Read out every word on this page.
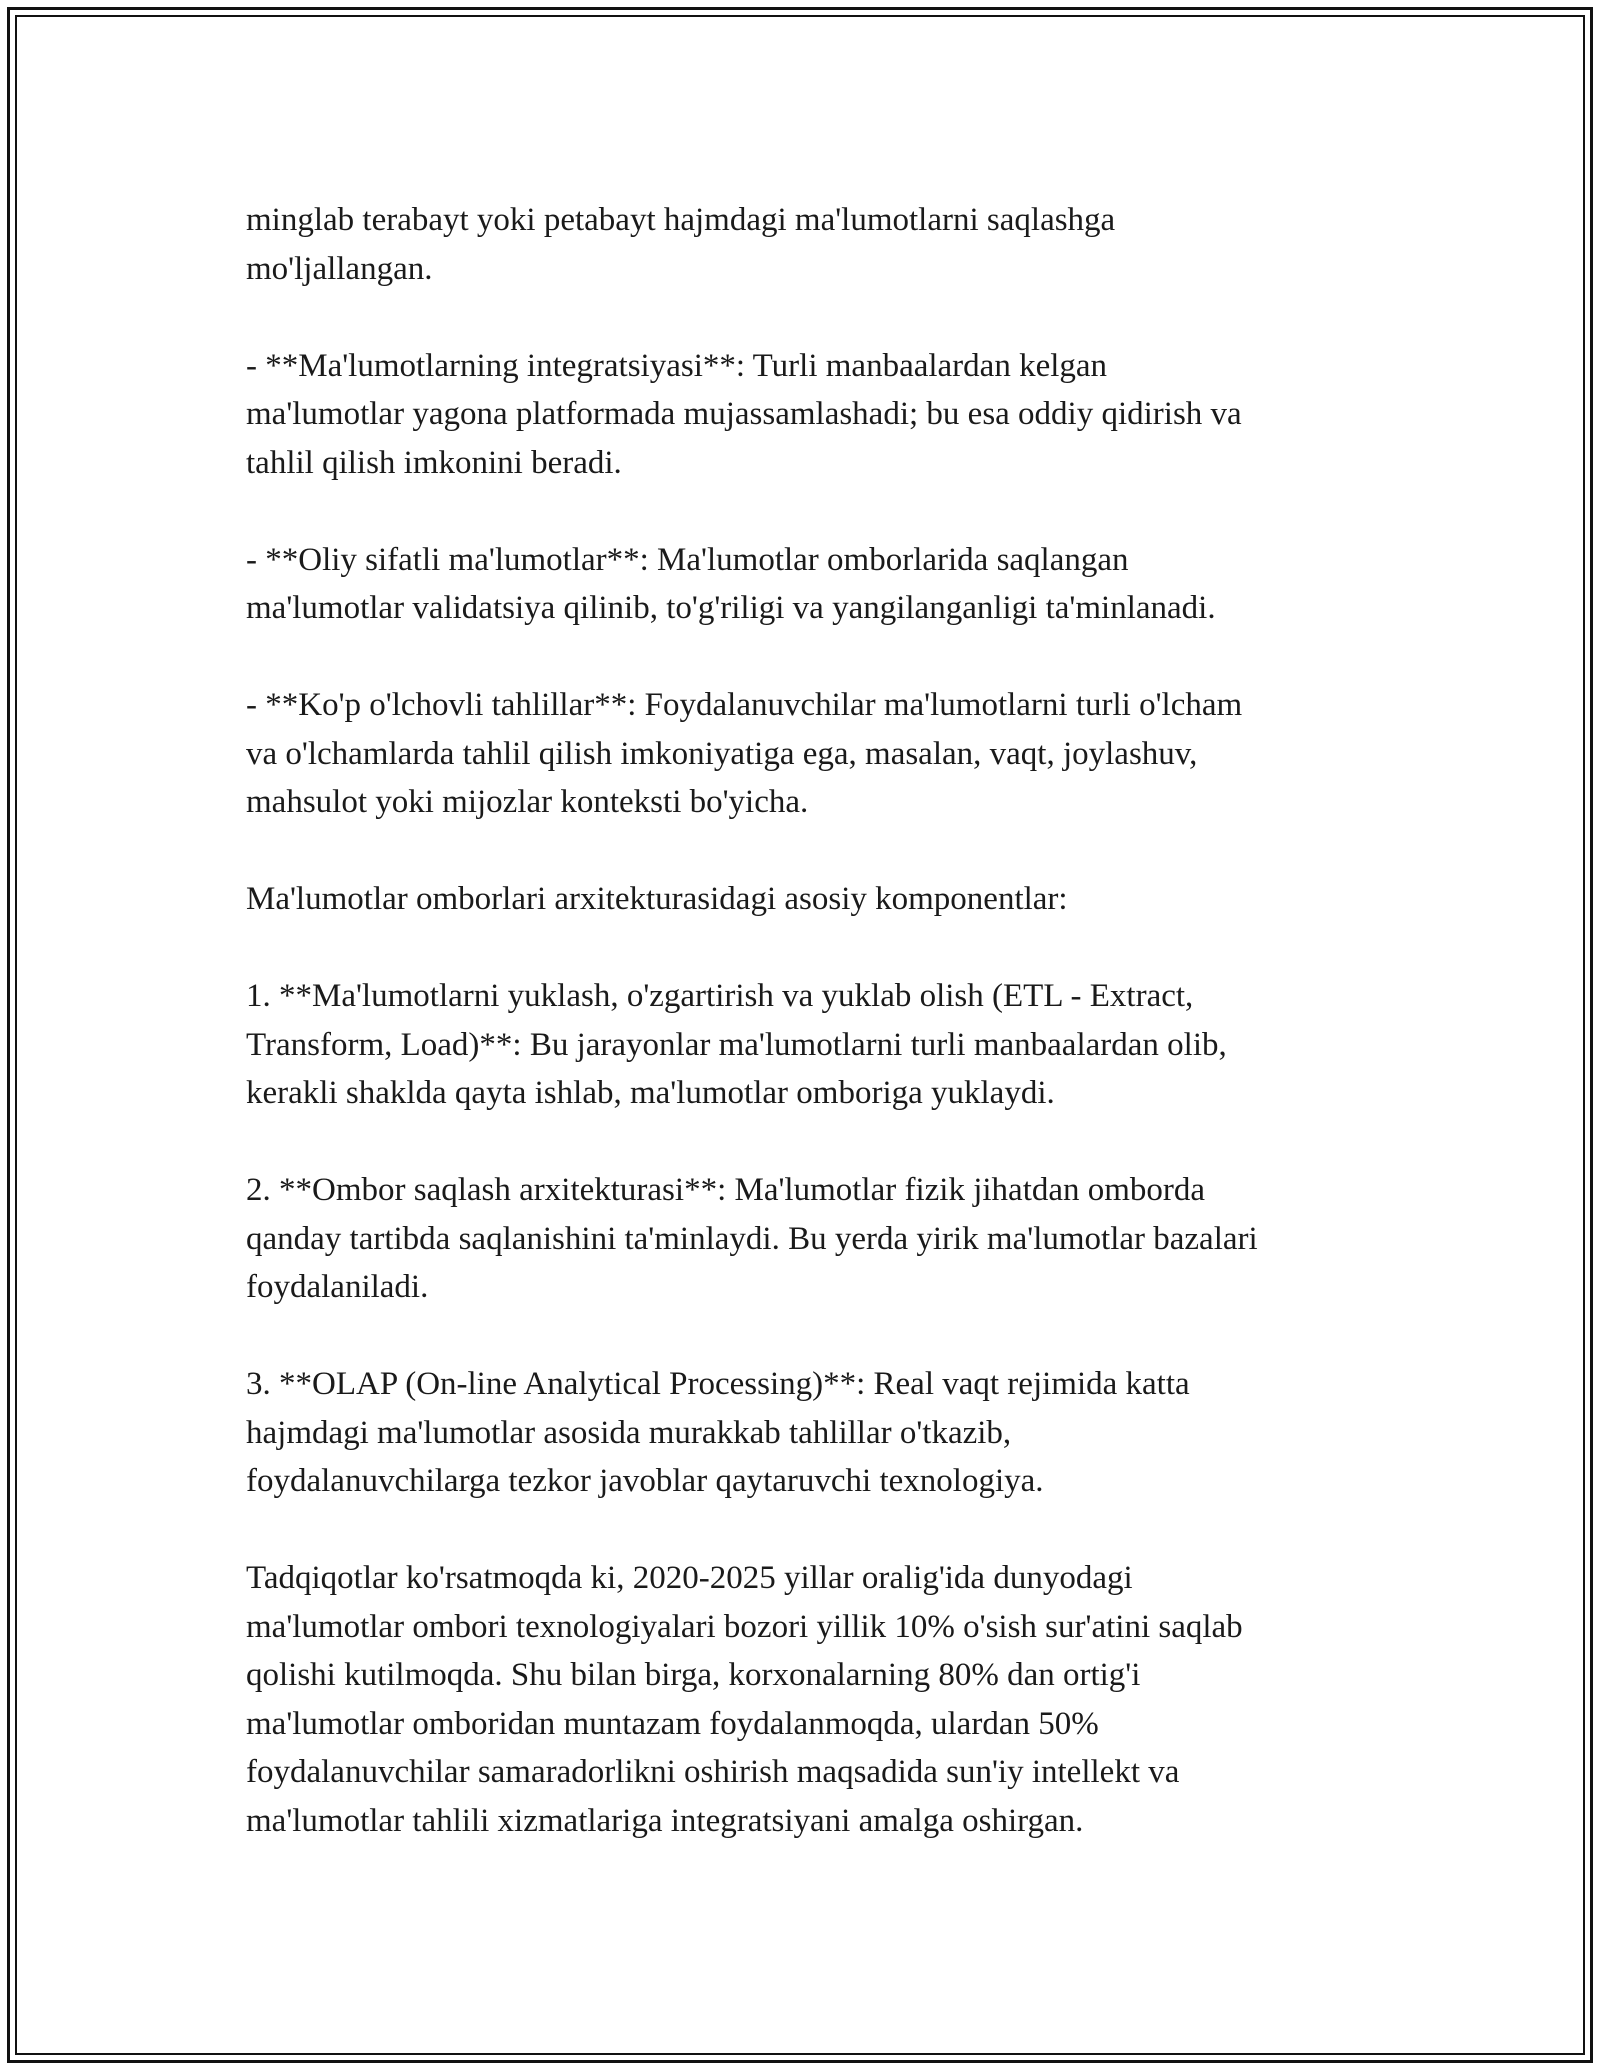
minglab terabayt yoki petabayt hajmdagi ma'lumotlarni saqlashga
mo'ljallangan.

- **Ma'lumotlarning integratsiyasi**: Turli manbaalardan kelgan
ma'lumotlar yagona platformada mujassamlashadi; bu esa oddiy qidirish va
tahlil qilish imkonini beradi.

- **Oliy sifatli ma'lumotlar**: Ma'lumotlar omborlarida saqlangan
ma'lumotlar validatsiya qilinib, to'g'riligi va yangilanganligi ta'minlanadi.

- **Ko'p o'lchovli tahlillar**: Foydalanuvchilar ma'lumotlarni turli o'lcham
va o'lchamlarda tahlil qilish imkoniyatiga ega, masalan, vaqt, joylashuv,
mahsulot yoki mijozlar konteksti bo'yicha.

Ma'lumotlar omborlari arxitekturasidagi asosiy komponentlar:

1. **Ma'lumotlarni yuklash, o'zgartirish va yuklab olish (ETL - Extract,
Transform, Load)**: Bu jarayonlar ma'lumotlarni turli manbaalardan olib,
kerakli shaklda qayta ishlab, ma'lumotlar omboriga yuklaydi.

2. **Ombor saqlash arxitekturasi**: Ma'lumotlar fizik jihatdan omborda
qanday tartibda saqlanishini ta'minlaydi. Bu yerda yirik ma'lumotlar bazalari
foydalaniladi.

3. **OLAP (On-line Analytical Processing)**: Real vaqt rejimida katta
hajmdagi ma'lumotlar asosida murakkab tahlillar o'tkazib,
foydalanuvchilarga tezkor javoblar qaytaruvchi texnologiya.

Tadqiqotlar ko'rsatmoqda ki, 2020-2025 yillar oralig'ida dunyodagi
ma'lumotlar ombori texnologiyalari bozori yillik 10% o'sish sur'atini saqlab
qolishi kutilmoqda. Shu bilan birga, korxonalarning 80% dan ortig'i
ma'lumotlar omboridan muntazam foydalanmoqda, ulardan 50%
foydalanuvchilar samaradorlikni oshirish maqsadida sun'iy intellekt va
ma'lumotlar tahlili xizmatlariga integratsiyani amalga oshirgan.
